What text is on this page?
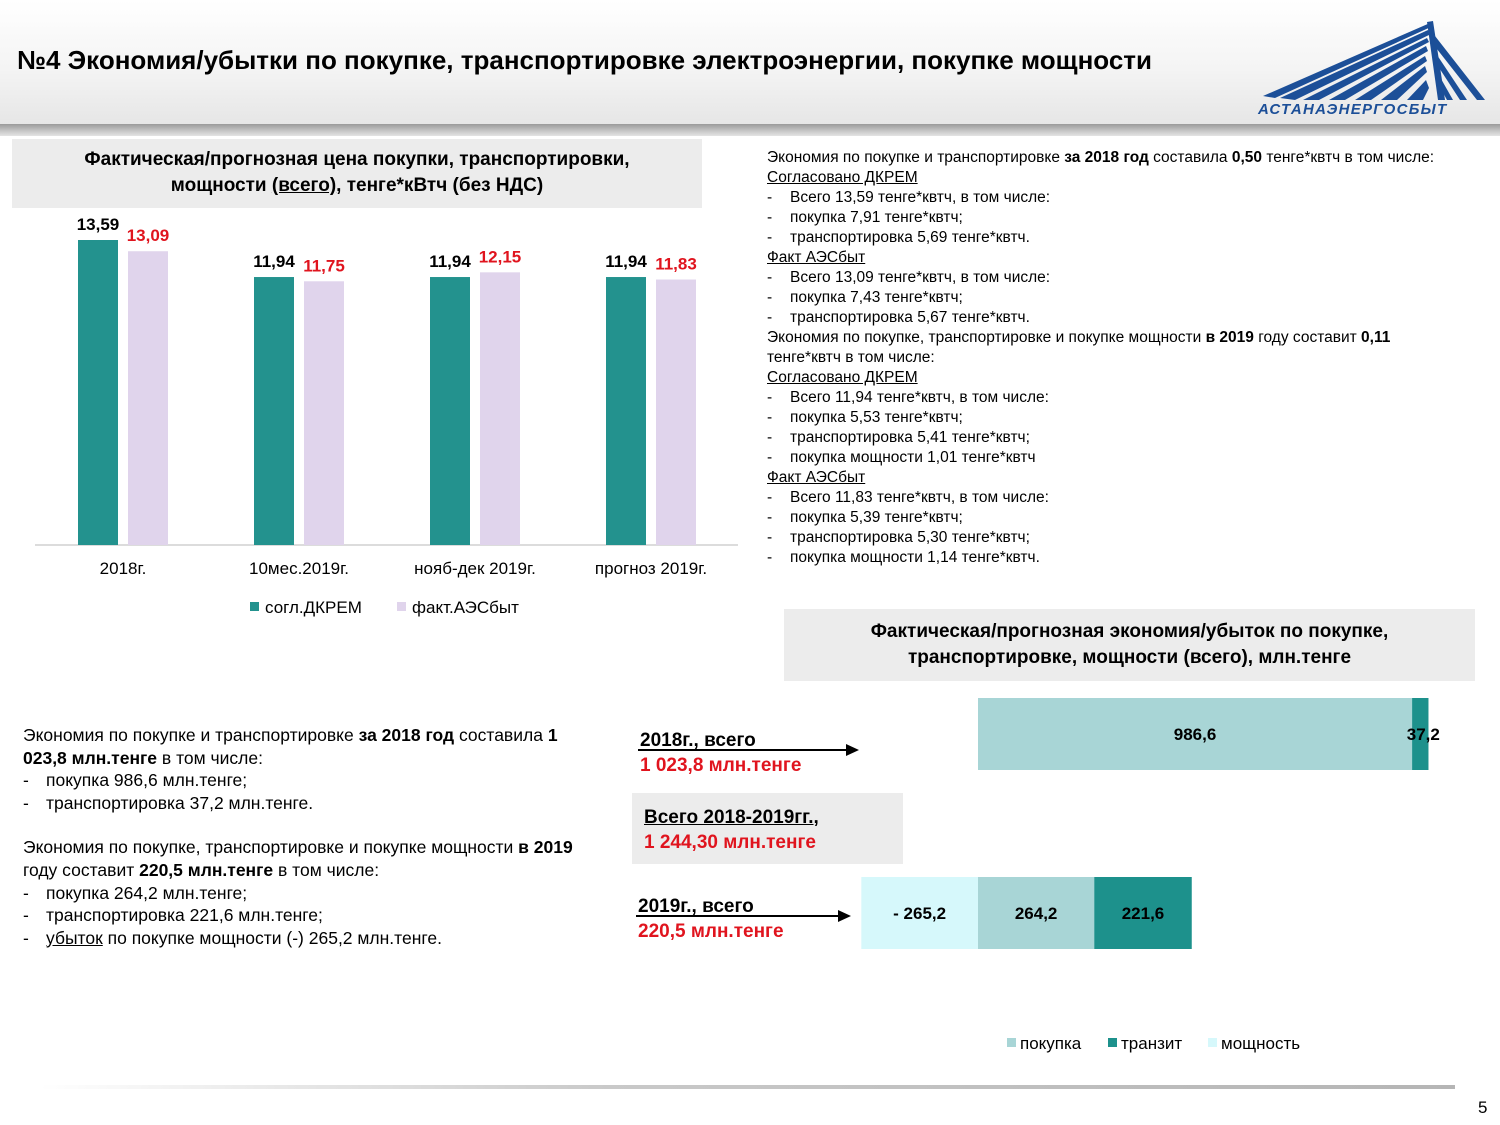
№4 Экономия/убытки по покупке, транспортировке электроэнергии, покупке мощности
АСТАНАЭНЕРГОСБЫТ
Фактическая/прогнозная цена покупки, транспортировки,
мощности (всего), тенге*кВтч (без НДС)
13,59
13,09
2018г.
11,94 11,75
10мес.2019г.
11,94 12,15
нояб-дек 2019г.
11,94 11,83
прогноз 2019г.
согл.ДКРЕМ	факт.АЭСбыт
Экономия по покупке и транспортировке за 2018 год составила 0,50 тенге*квтч в том числе:
Согласовано ДКРЕМ
- Всего 13,59 тенге*квтч, в том числе:
- покупка 7,91 тенге*квтч;
- транспортировка 5,69 тенге*квтч.
Факт АЭСбыт
- Всего 13,09 тенге*квтч, в том числе:
- покупка 7,43 тенге*квтч;
- транспортировка 5,67 тенге*квтч.
Экономия по покупке, транспортировке и покупке мощности в 2019 году составит 0,11 тенге*квтч в том числе:
Согласовано ДКРЕМ
- Всего 11,94 тенге*квтч, в том числе:
- покупка 5,53 тенге*квтч;
- транспортировка 5,41 тенге*квтч;
- покупка мощности 1,01 тенге*квтч
Факт АЭСбыт
- Всего 11,83 тенге*квтч, в том числе:
- покупка 5,39 тенге*квтч;
- транспортировка 5,30 тенге*квтч;
- покупка мощности 1,14 тенге*квтч.
Фактическая/прогнозная экономия/убыток по покупке,
транспортировке, мощности (всего), млн.тенге
Экономия по покупке и транспортировке за 2018 год составила 1 023,8 млн.тенге в том числе:
- покупка 986,6 млн.тенге;
- транспортировка 37,2 млн.тенге.
Экономия по покупке, транспортировке и покупке мощности в 2019 году составит 220,5 млн.тенге в том числе:
- покупка 264,2 млн.тенге;
- транспортировка 221,6 млн.тенге;
- убыток по покупке мощности (-) 265,2 млн.тенге.
2018г., всего
1 023,8 млн.тенге
Всего 2018-2019гг.,
1 244,30 млн.тенге
2019г., всего
220,5 млн.тенге
986,6	37,2
264,2	221,6
- 265,2
покупка транзит мощность
5
